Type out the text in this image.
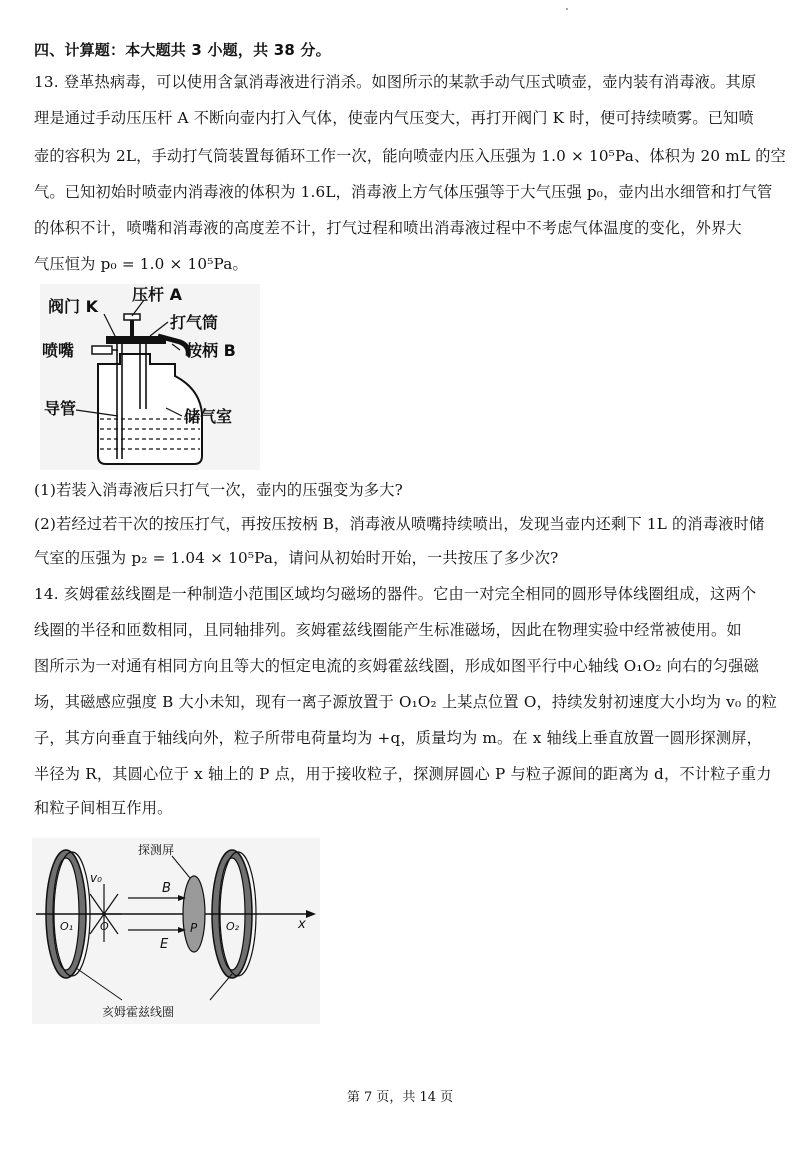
四、计算题：本大题共 3 小题，共 38 分。
13. 登革热病毒，可以使用含氯消毒液进行消杀。如图所示的某款手动气压式喷壶，壶内装有消毒液。其原
理是通过手动压压杆 A 不断向壶内打入气体，使壶内气压变大，再打开阀门 K 时，便可持续喷雾。已知喷
壶的容积为 2L，手动打气筒装置每循环工作一次，能向喷壶内压入压强为 1.0 × 10⁵Pa、体积为 20 mL 的空
气。已知初始时喷壶内消毒液的体积为 1.6L，消毒液上方气体压强等于大气压强 p₀，壶内出水细管和打气管
的体积不计，喷嘴和消毒液的高度差不计，打气过程和喷出消毒液过程中不考虑气体温度的变化，外界大
气压恒为 p₀ = 1.0 × 10⁵Pa。
阀门 K
压杆 A
打气筒
喷嘴	按柄 B
导管	储气室
(1)若装入消毒液后只打气一次，壶内的压强变为多大?
(2)若经过若干次的按压打气，再按压按柄 B，消毒液从喷嘴持续喷出，发现当壶内还剩下 1L 的消毒液时储
气室的压强为 p₂ = 1.04 × 10⁵Pa，请问从初始时开始，一共按压了多少次?
14. 亥姆霍兹线圈是一种制造小范围区域均匀磁场的器件。它由一对完全相同的圆形导体线圈组成，这两个
线圈的半径和匝数相同，且同轴排列。亥姆霍兹线圈能产生标准磁场，因此在物理实验中经常被使用。如
图所示为一对通有相同方向且等大的恒定电流的亥姆霍兹线圈，形成如图平行中心轴线 O₁O₂ 向右的匀强磁
场，其磁感应强度 B 大小未知，现有一离子源放置于 O₁O₂ 上某点位置 O，持续发射初速度大小均为 v₀ 的粒
子，其方向垂直于轴线向外，粒子所带电荷量均为 +q，质量均为 m。在 x 轴线上垂直放置一圆形探测屏，
半径为 R，其圆心位于 x 轴上的 P 点，用于接收粒子，探测屏圆心 P 与粒子源间的距离为 d，不计粒子重力
和粒子间相互作用。
探测屏
v₀
B
E
P
O₁	O₂
O	x
亥姆霍兹线圈
第 7 页，共 14 页
